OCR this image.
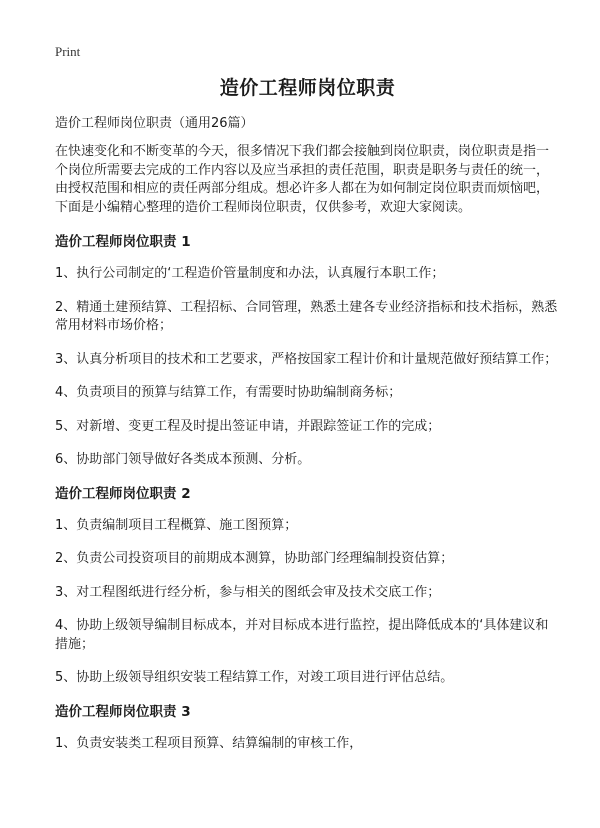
Print
造价工程师岗位职责
造价工程师岗位职责（通用26篇）
在快速变化和不断变革的今天，很多情况下我们都会接触到岗位职责，岗位职责是指一个岗位所需要去完成的工作内容以及应当承担的责任范围，职责是职务与责任的统一，由授权范围和相应的责任两部分组成。想必许多人都在为如何制定岗位职责而烦恼吧，下面是小编精心整理的造价工程师岗位职责，仅供参考，欢迎大家阅读。
造价工程师岗位职责 1
1、执行公司制定的‘工程造价管量制度和办法，认真履行本职工作；
2、精通土建预结算、工程招标、合同管理，熟悉土建各专业经济指标和技术指标，熟悉常用材料市场价格；
3、认真分析项目的技术和工艺要求，严格按国家工程计价和计量规范做好预结算工作；
4、负责项目的预算与结算工作，有需要时协助编制商务标；
5、对新增、变更工程及时提出签证申请，并跟踪签证工作的完成；
6、协助部门领导做好各类成本预测、分析。
造价工程师岗位职责 2
1、负责编制项目工程概算、施工图预算；
2、负责公司投资项目的前期成本测算，协助部门经理编制投资估算；
3、对工程图纸进行经分析，参与相关的图纸会审及技术交底工作；
4、协助上级领导编制目标成本，并对目标成本进行监控，提出降低成本的‘具体建议和措施；
5、协助上级领导组织安装工程结算工作，对竣工项目进行评估总结。
造价工程师岗位职责 3
1、负责安装类工程项目预算、结算编制的审核工作，
